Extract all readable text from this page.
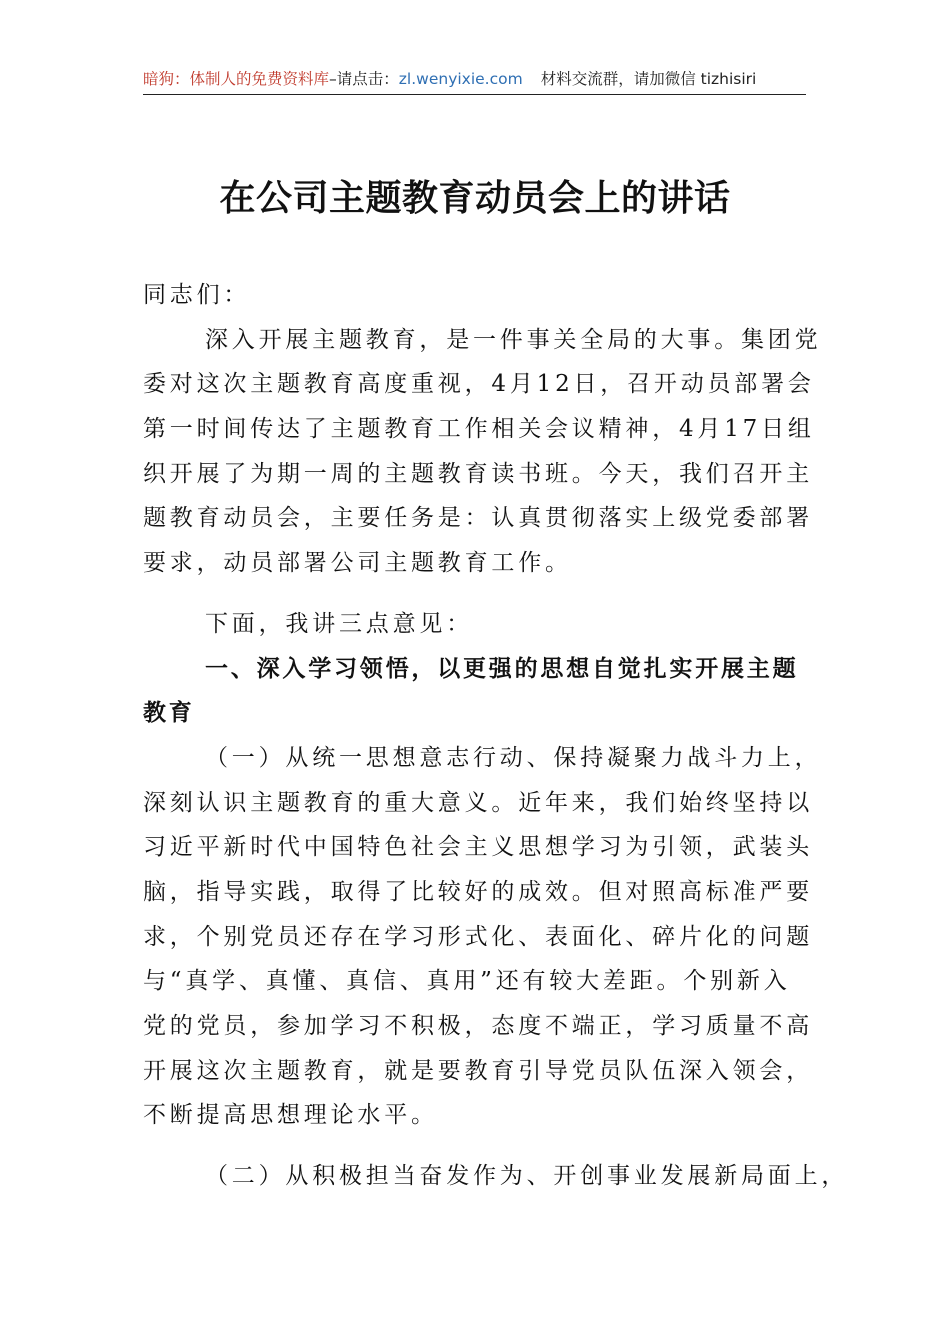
暗狗：体制人的免费资料库–请点击：zl.wenyixie.com 材料交流群，请加微信 tizhisiri
在公司主题教育动员会上的讲话
同志们：
深入开展主题教育，是一件事关全局的大事。集团党
委对这次主题教育高度重视，4月12日，召开动员部署会
第一时间传达了主题教育工作相关会议精神，4月17日组
织开展了为期一周的主题教育读书班。今天，我们召开主
题教育动员会，主要任务是：认真贯彻落实上级党委部署
要求，动员部署公司主题教育工作。
下面，我讲三点意见：
一、深入学习领悟，以更强的思想自觉扎实开展主题
教育
（一）从统一思想意志行动、保持凝聚力战斗力上，
深刻认识主题教育的重大意义。近年来，我们始终坚持以
习近平新时代中国特色社会主义思想学习为引领，武装头
脑，指导实践，取得了比较好的成效。但对照高标准严要
求，个别党员还存在学习形式化、表面化、碎片化的问题
与“真学、真懂、真信、真用”还有较大差距。个别新入
党的党员，参加学习不积极，态度不端正，学习质量不高
开展这次主题教育，就是要教育引导党员队伍深入领会，
不断提高思想理论水平。
（二）从积极担当奋发作为、开创事业发展新局面上，
